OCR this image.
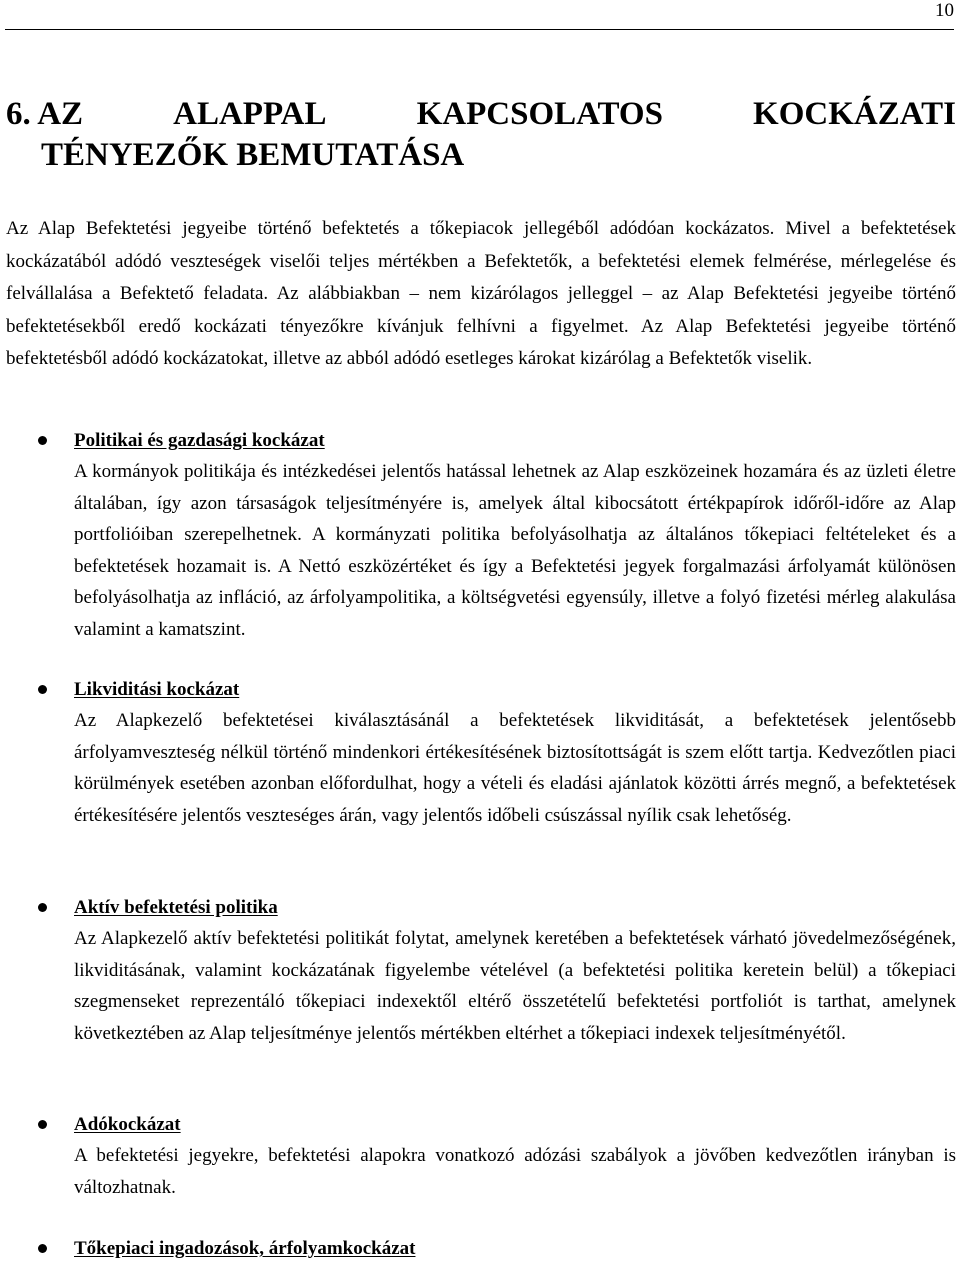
10
6. AZ	ALAPPAL	KAPCSOLATOS	KOCKÁZATI
TÉNYEZŐK BEMUTATÁSA

Az Alap Befektetési jegyeibe történő befektetés a tőkepiacok jellegéből adódóan kockázatos. Mivel a befektetések kockázatából adódó veszteségek viselői teljes mértékben a Befektetők, a befektetési elemek felmérése, mérlegelése és felvállalása a Befektető feladata. Az alábbiakban – nem kizárólagos jelleggel – az Alap Befektetési jegyeibe történő befektetésekből eredő kockázati tényezőkre kívánjuk felhívni a figyelmet. Az Alap Befektetési jegyeibe történő befektetésből adódó kockázatokat, illetve az abból adódó esetleges károkat kizárólag a Befektetők viselik.

Politikai és gazdasági kockázat

A kormányok politikája és intézkedései jelentős hatással lehetnek az Alap eszközeinek hozamára és az üzleti életre általában, így azon társaságok teljesítményére is, amelyek által kibocsátott értékpapírok időről-időre az Alap portfolióiban szerepelhetnek. A kormányzati politika befolyásolhatja az általános tőkepiaci feltételeket és a befektetések hozamait is. A Nettó eszközértéket és így a Befektetési jegyek forgalmazási árfolyamát különösen befolyásolhatja az infláció, az árfolyampolitika, a költségvetési egyensúly, illetve a folyó fizetési mérleg alakulása valamint a kamatszint.

Likviditási kockázat

Az Alapkezelő befektetései kiválasztásánál a befektetések likviditását, a befektetések jelentősebb árfolyamveszteség nélkül történő mindenkori értékesítésének biztosítottságát is szem előtt tartja. Kedvezőtlen piaci körülmények esetében azonban előfordulhat, hogy a vételi és eladási ajánlatok közötti árrés megnő, a befektetések értékesítésére jelentős veszteséges árán, vagy jelentős időbeli csúszással nyílik csak lehetőség.

Aktív befektetési politika

Az Alapkezelő aktív befektetési politikát folytat, amelynek keretében a befektetések várható jövedelmezőségének, likviditásának, valamint kockázatának figyelembe vételével (a befektetési politika keretein belül) a tőkepiaci szegmenseket reprezentáló tőkepiaci indexektől eltérő összetételű befektetési portfoliót is tarthat, amelynek következtében az Alap teljesítménye jelentős mértékben eltérhet a tőkepiaci indexek teljesítményétől.

Adókockázat

A befektetési jegyekre, befektetési alapokra vonatkozó adózási szabályok a jövőben kedvezőtlen irányban is változhatnak.

Tőkepiaci ingadozások, árfolyamkockázat
